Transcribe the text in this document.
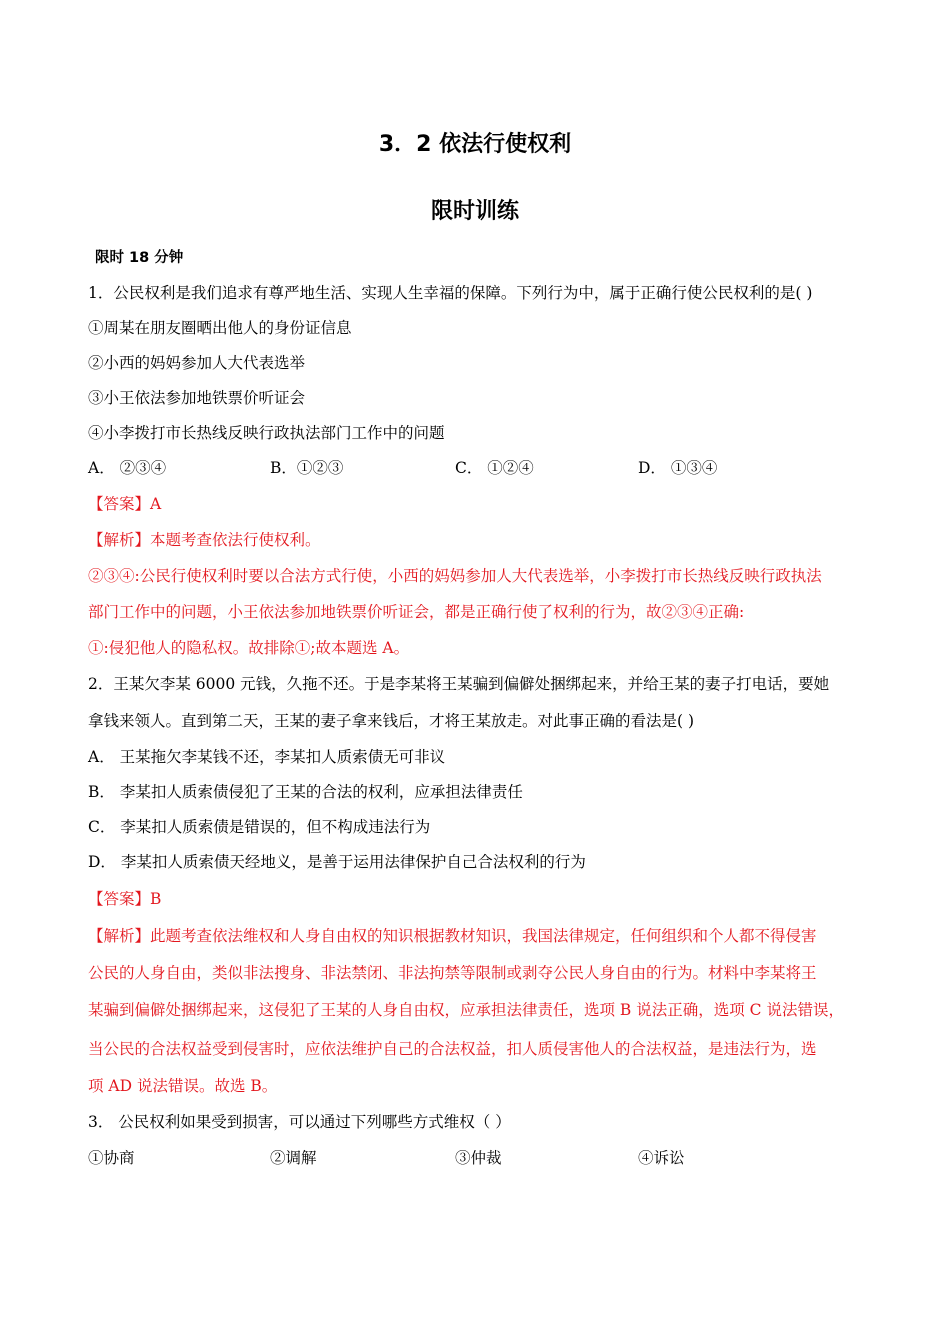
3．2 依法行使权利
限时训练
限时 18 分钟
1．公民权利是我们追求有尊严地生活、实现人生幸福的保障。下列行为中，属于正确行使公民权利的是( )
①周某在朋友圈晒出他人的身份证信息
②小西的妈妈参加人大代表选举
③小王依法参加地铁票价听证会
④小李拨打市长热线反映行政执法部门工作中的问题
A． ②③④	B．①②③	C． ①②④	D． ①③④
【答案】A
【解析】本题考查依法行使权利。
②③④:公民行使权利时要以合法方式行使，小西的妈妈参加人大代表选举，小李拨打市长热线反映行政执法
部门工作中的问题，小王依法参加地铁票价听证会，都是正确行使了权利的行为，故②③④正确:
①:侵犯他人的隐私权。故排除①;故本题选 A。
2．王某欠李某 6000 元钱，久拖不还。于是李某将王某骗到偏僻处捆绑起来，并给王某的妻子打电话，要她
拿钱来领人。直到第二天，王某的妻子拿来钱后，才将王某放走。对此事正确的看法是( )
A． 王某拖欠李某钱不还，李某扣人质索债无可非议
B． 李某扣人质索债侵犯了王某的合法的权利，应承担法律责任
C． 李某扣人质索债是错误的，但不构成违法行为
D． 李某扣人质索债天经地义，是善于运用法律保护自己合法权利的行为
【答案】B
【解析】此题考查依法维权和人身自由权的知识根据教材知识，我国法律规定，任何组织和个人都不得侵害
公民的人身自由，类似非法搜身、非法禁闭、非法拘禁等限制或剥夺公民人身自由的行为。材料中李某将王
某骗到偏僻处捆绑起来，这侵犯了王某的人身自由权，应承担法律责任，选项 B 说法正确，选项 C 说法错误，
当公民的合法权益受到侵害时，应依法维护自己的合法权益，扣人质侵害他人的合法权益，是违法行为，选
项 AD 说法错误。故选 B。
3． 公民权利如果受到损害，可以通过下列哪些方式维权（ ）
①协商	②调解	③仲裁	④诉讼
